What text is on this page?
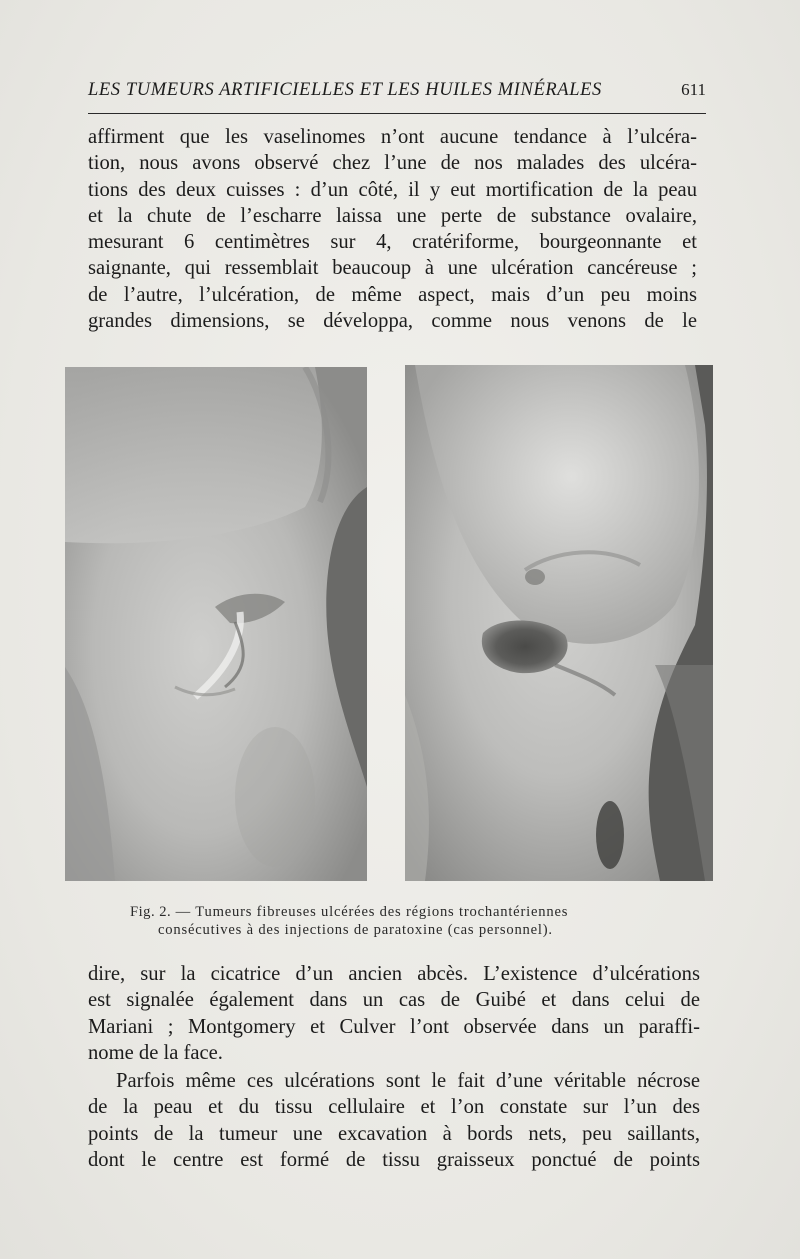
LES TUMEURS ARTIFICIELLES ET LES HUILES MINÉRALES	611
affirment que les vaselinomes n’ont aucune tendance à l’ulcéra-
tion, nous avons observé chez l’une de nos malades des ulcéra-
tions des deux cuisses : d’un côté, il y eut mortification de la peau
et la chute de l’escharre laissa une perte de substance ovalaire,
mesurant 6 centimètres sur 4, cratériforme, bourgeonnante et
saignante, qui ressemblait beaucoup à une ulcération cancéreuse ;
de l’autre, l’ulcération, de même aspect, mais d’un peu moins
grandes dimensions, se développa, comme nous venons de le
Fig. 2. — Tumeurs fibreuses ulcérées des régions trochantériennes
consécutives à des injections de paratoxine (cas personnel).
dire, sur la cicatrice d’un ancien abcès. L’existence d’ulcérations
est signalée également dans un cas de Guibé et dans celui de
Mariani ; Montgomery et Culver l’ont observée dans un paraffi-
nome de la face.
Parfois même ces ulcérations sont le fait d’une véritable nécrose
de la peau et du tissu cellulaire et l’on constate sur l’un des
points de la tumeur une excavation à bords nets, peu saillants,
dont le centre est formé de tissu graisseux ponctué de points
